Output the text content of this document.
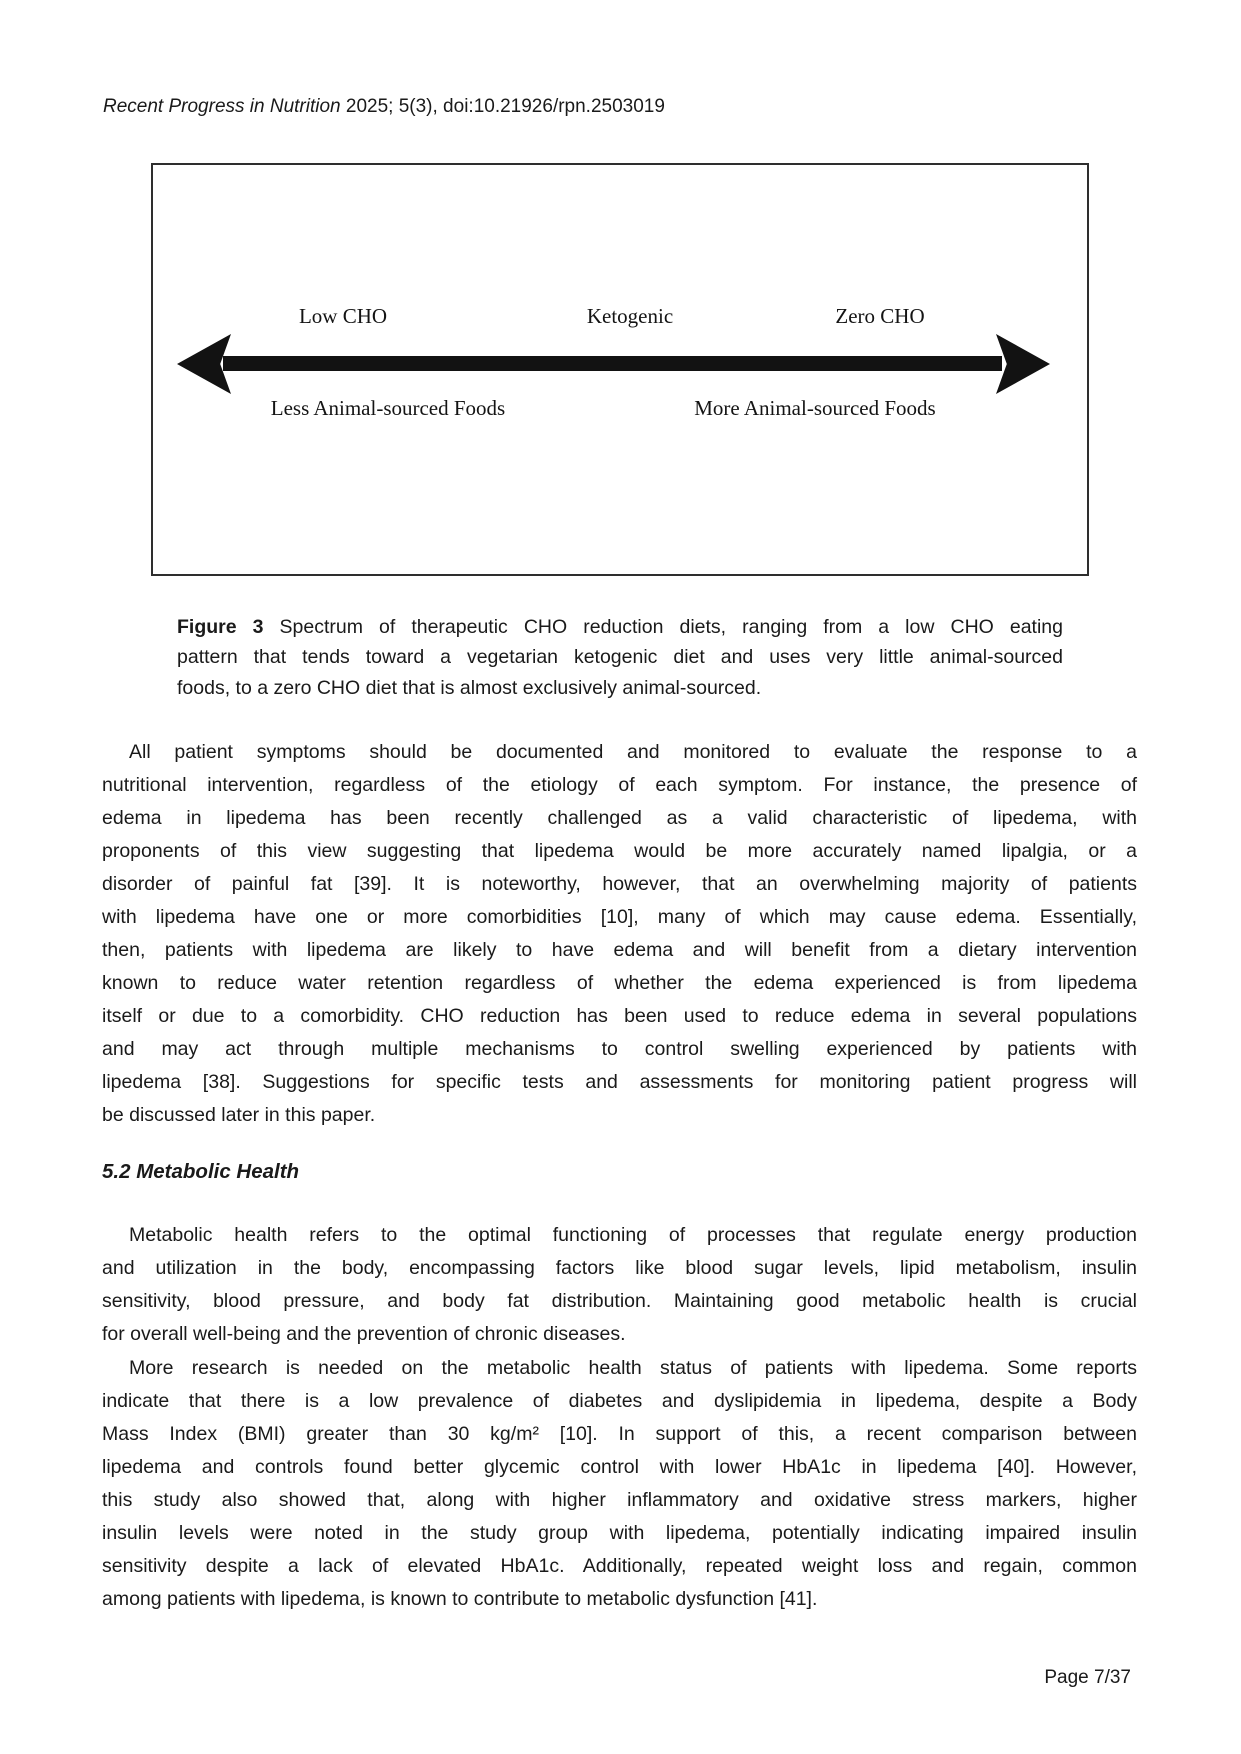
Recent Progress in Nutrition 2025; 5(3), doi:10.21926/rpn.2503019
Low CHO	Ketogenic	Zero CHO
Less Animal-sourced Foods	More Animal-sourced Foods
Figure 3 Spectrum of therapeutic CHO reduction diets, ranging from a low CHO eating
pattern that tends toward a vegetarian ketogenic diet and uses very little animal-sourced
foods, to a zero CHO diet that is almost exclusively animal-sourced.
All patient symptoms should be documented and monitored to evaluate the response to a
nutritional intervention, regardless of the etiology of each symptom. For instance, the presence of
edema in lipedema has been recently challenged as a valid characteristic of lipedema, with
proponents of this view suggesting that lipedema would be more accurately named lipalgia, or a
disorder of painful fat [39]. It is noteworthy, however, that an overwhelming majority of patients
with lipedema have one or more comorbidities [10], many of which may cause edema. Essentially,
then, patients with lipedema are likely to have edema and will benefit from a dietary intervention
known to reduce water retention regardless of whether the edema experienced is from lipedema
itself or due to a comorbidity. CHO reduction has been used to reduce edema in several populations
and may act through multiple mechanisms to control swelling experienced by patients with
lipedema [38]. Suggestions for specific tests and assessments for monitoring patient progress will
be discussed later in this paper.
5.2 Metabolic Health
Metabolic health refers to the optimal functioning of processes that regulate energy production
and utilization in the body, encompassing factors like blood sugar levels, lipid metabolism, insulin
sensitivity, blood pressure, and body fat distribution. Maintaining good metabolic health is crucial
for overall well-being and the prevention of chronic diseases.
More research is needed on the metabolic health status of patients with lipedema. Some reports
indicate that there is a low prevalence of diabetes and dyslipidemia in lipedema, despite a Body
Mass Index (BMI) greater than 30 kg/m² [10]. In support of this, a recent comparison between
lipedema and controls found better glycemic control with lower HbA1c in lipedema [40]. However,
this study also showed that, along with higher inflammatory and oxidative stress markers, higher
insulin levels were noted in the study group with lipedema, potentially indicating impaired insulin
sensitivity despite a lack of elevated HbA1c. Additionally, repeated weight loss and regain, common
among patients with lipedema, is known to contribute to metabolic dysfunction [41].
Page 7/37
